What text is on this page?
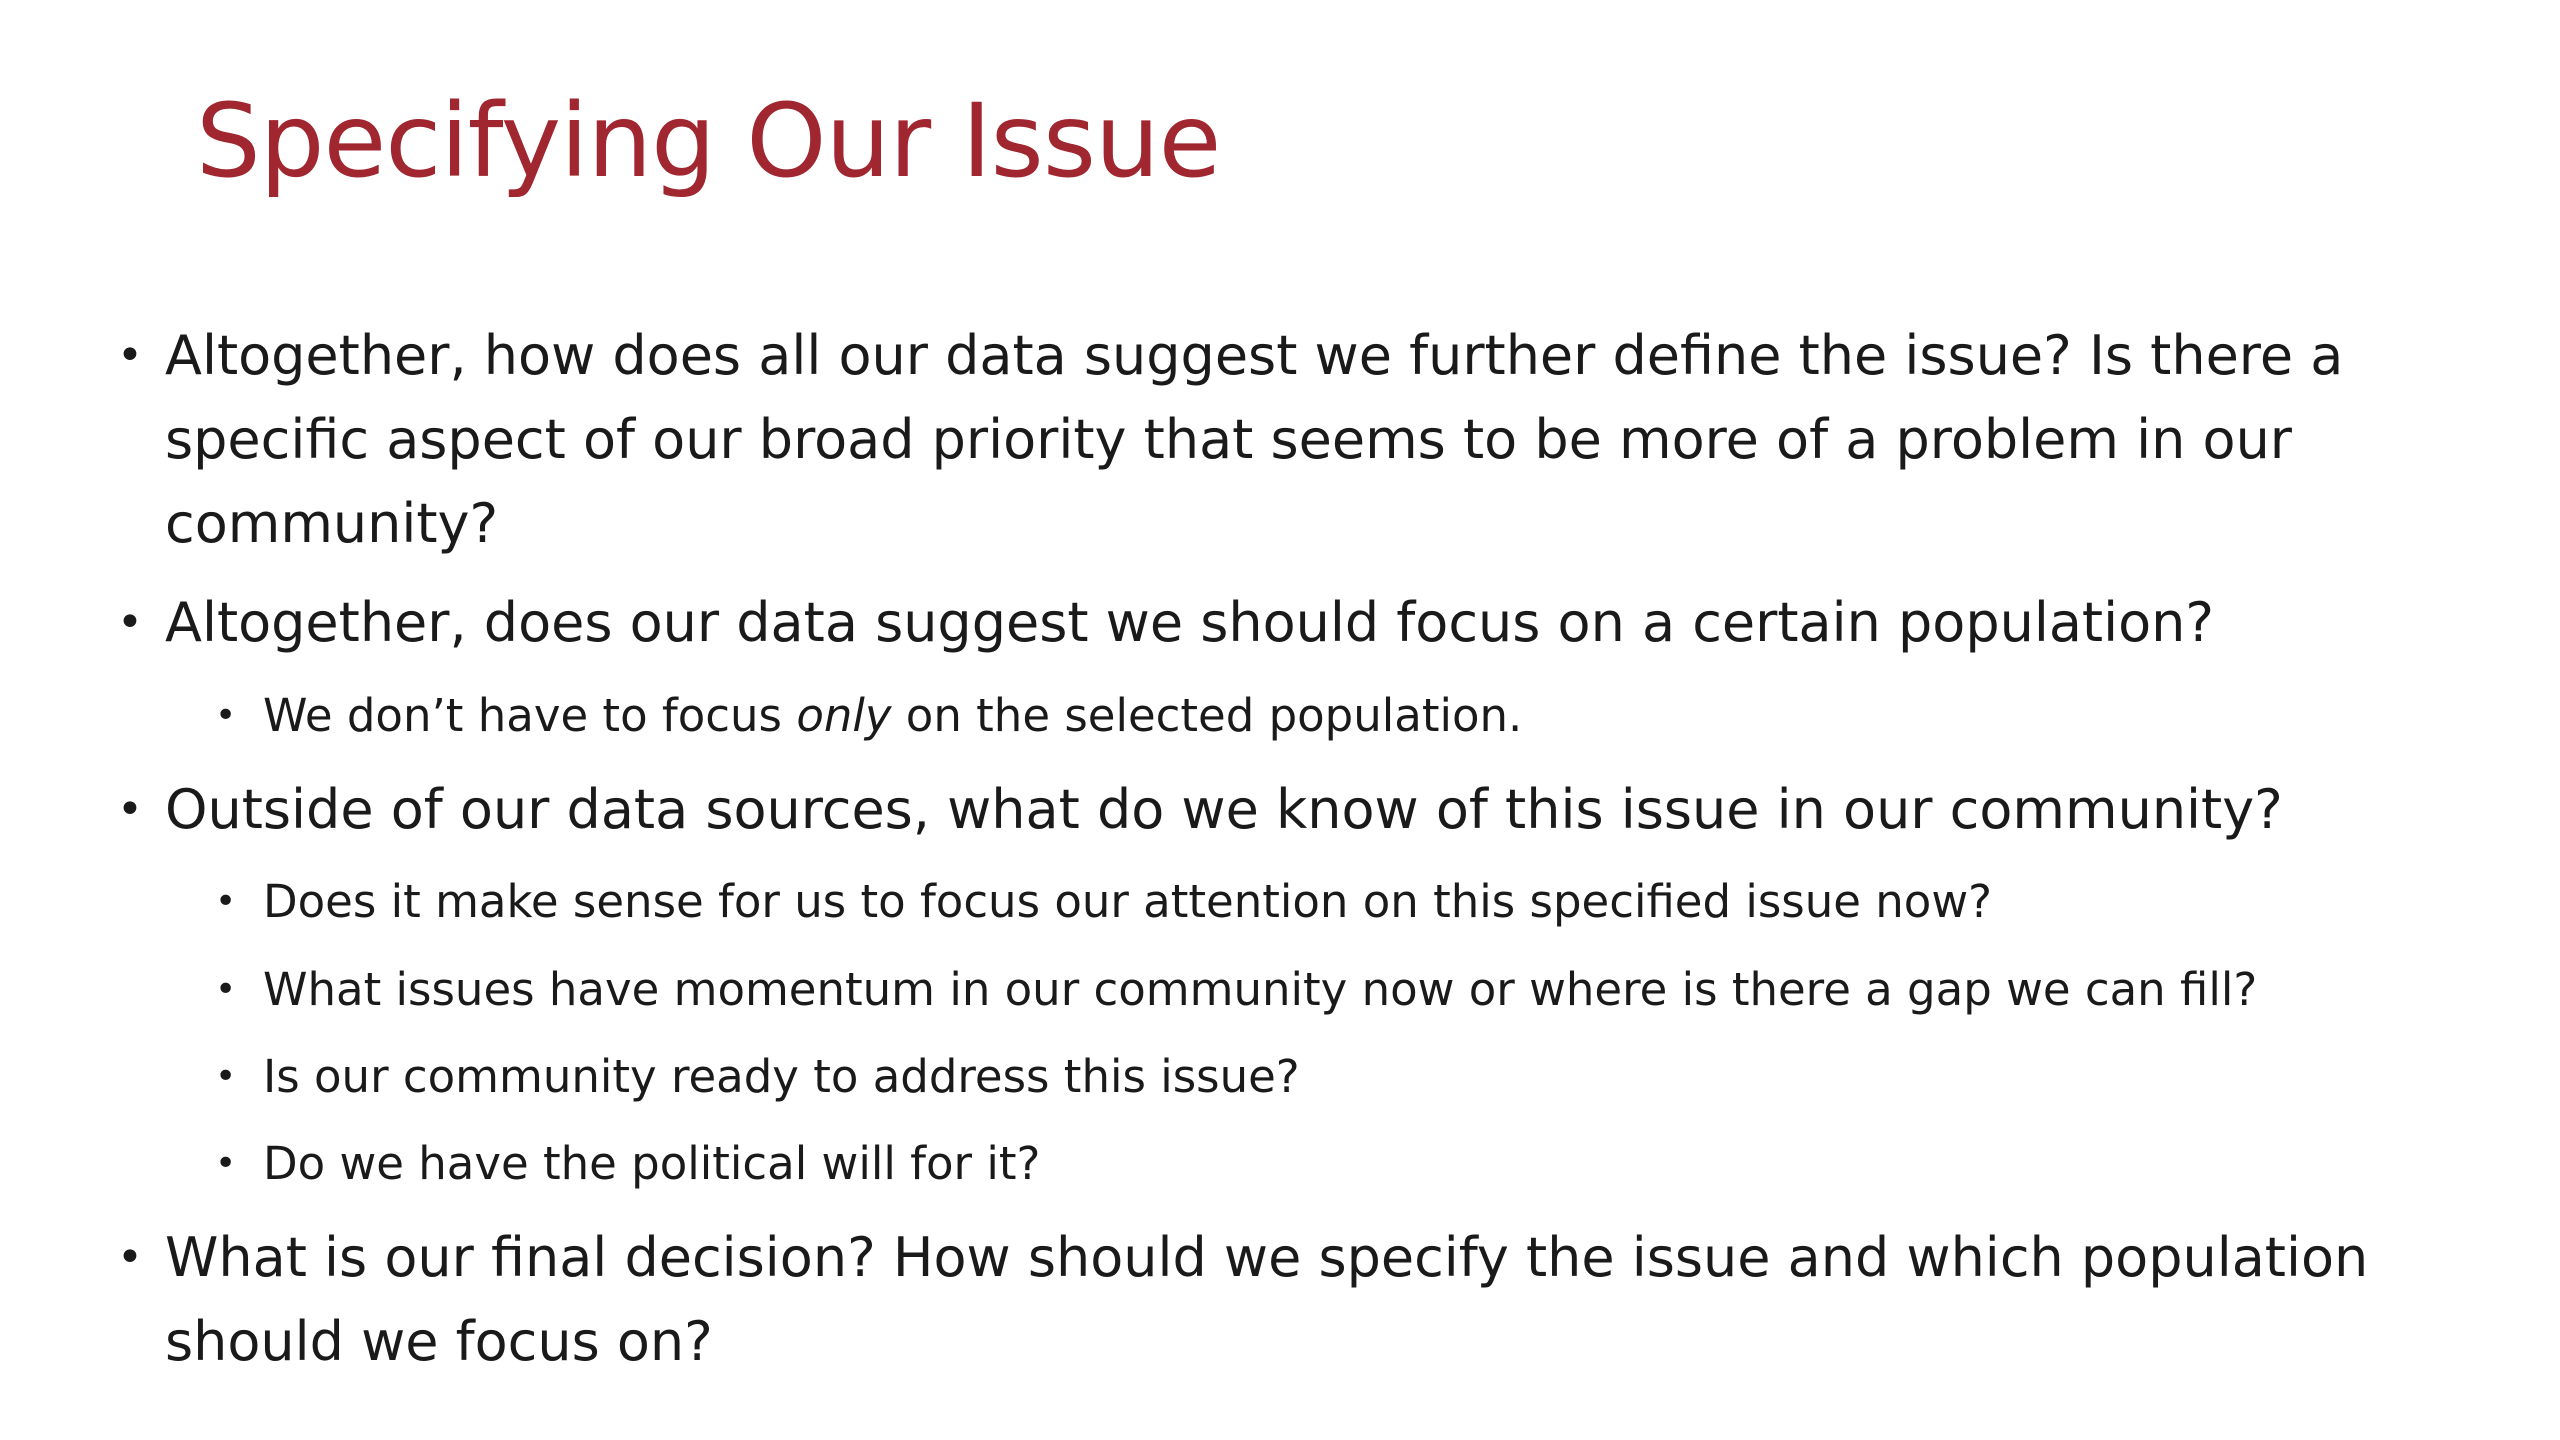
Specifying Our Issue
• Altogether, how does all our data suggest we further define the issue? Is there a
specific aspect of our broad priority that seems to be more of a problem in our
community?
• Altogether, does our data suggest we should focus on a certain population?
• We don’t have to focus only on the selected population.
• Outside of our data sources, what do we know of this issue in our community?
• Does it make sense for us to focus our attention on this specified issue now?
• What issues have momentum in our community now or where is there a gap we can fill?
• Is our community ready to address this issue?
• Do we have the political will for it?
• What is our final decision? How should we specify the issue and which population
should we focus on?
